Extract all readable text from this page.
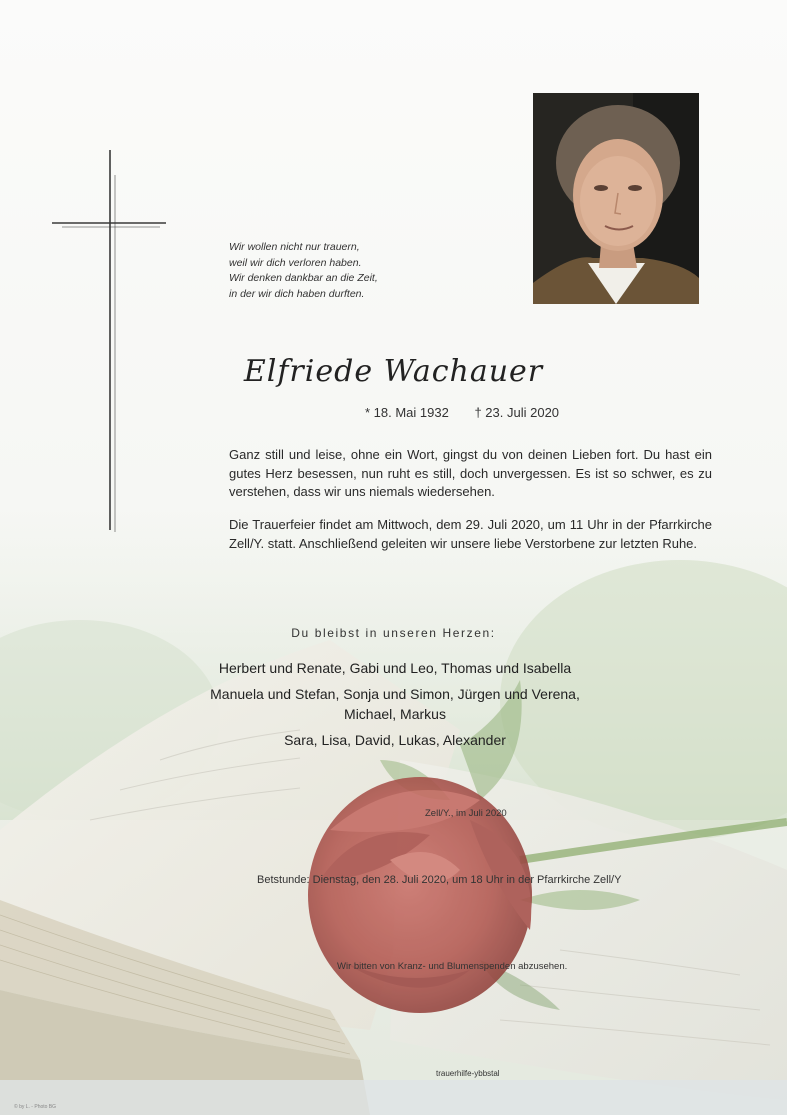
Wir wollen nicht nur trauern,
weil wir dich verloren haben.
Wir denken dankbar an die Zeit,
in der wir dich haben durften.
Elfriede Wachauer
* 18. Mai 1932 † 23. Juli 2020
Ganz still und leise, ohne ein Wort, gingst du von deinen Lieben fort. Du hast ein gutes Herz besessen, nun ruht es still, doch unvergessen. Es ist so schwer, es zu verstehen, dass wir uns niemals wiedersehen.
Die Trauerfeier findet am Mittwoch, dem 29. Juli 2020, um 11 Uhr in der Pfarrkirche Zell/Y. statt. Anschließend geleiten wir unsere liebe Verstorbene zur letzten Ruhe.
Du bleibst in unseren Herzen:
Herbert und Renate, Gabi und Leo, Thomas und Isabella
Manuela und Stefan, Sonja und Simon, Jürgen und Verena, Michael, Markus
Sara, Lisa, David, Lukas, Alexander
Zell/Y., im Juli 2020
Betstunde: Dienstag, den 28. Juli 2020, um 18 Uhr in der Pfarrkirche Zell/Y
Wir bitten von Kranz- und Blumenspenden abzusehen.
trauerhilfe-ybbstal
© by L. - Photo BG
